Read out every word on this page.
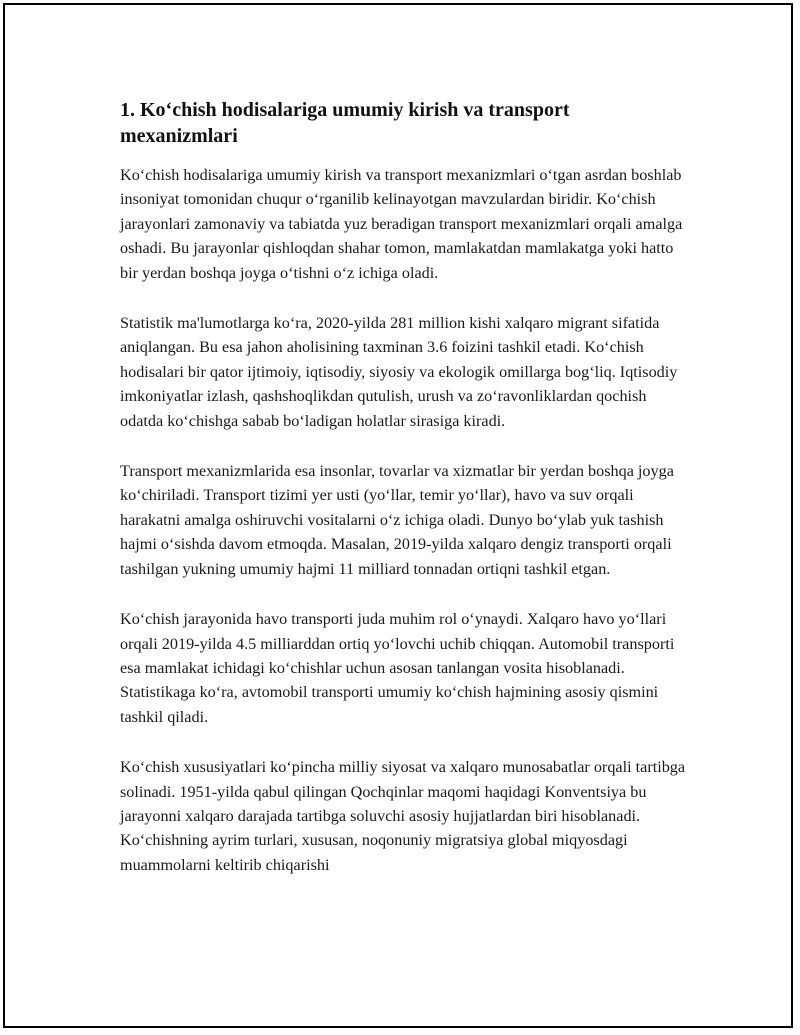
1. Ko‘chish hodisalariga umumiy kirish va transport mexanizmlari

Ko‘chish hodisalariga umumiy kirish va transport mexanizmlari o‘tgan asrdan boshlab insoniyat tomonidan chuqur o‘rganilib kelinayotgan mavzulardan biridir. Ko‘chish jarayonlari zamonaviy va tabiatda yuz beradigan transport mexanizmlari orqali amalga oshadi. Bu jarayonlar qishloqdan shahar tomon, mamlakatdan mamlakatga yoki hatto bir yerdan boshqa joyga o‘tishni o‘z ichiga oladi.

Statistik ma'lumotlarga ko‘ra, 2020-yilda 281 million kishi xalqaro migrant sifatida aniqlangan. Bu esa jahon aholisining taxminan 3.6 foizini tashkil etadi. Ko‘chish hodisalari bir qator ijtimoiy, iqtisodiy, siyosiy va ekologik omillarga bog‘liq. Iqtisodiy imkoniyatlar izlash, qashshoqlikdan qutulish, urush va zo‘ravonliklardan qochish odatda ko‘chishga sabab bo‘ladigan holatlar sirasiga kiradi.

Transport mexanizmlarida esa insonlar, tovarlar va xizmatlar bir yerdan boshqa joyga ko‘chiriladi. Transport tizimi yer usti (yo‘llar, temir yo‘llar), havo va suv orqali harakatni amalga oshiruvchi vositalarni o‘z ichiga oladi. Dunyo bo‘ylab yuk tashish hajmi o‘sishda davom etmoqda. Masalan, 2019-yilda xalqaro dengiz transporti orqali tashilgan yukning umumiy hajmi 11 milliard tonnadan ortiqni tashkil etgan.

Ko‘chish jarayonida havo transporti juda muhim rol o‘ynaydi. Xalqaro havo yo‘llari orqali 2019-yilda 4.5 milliarddan ortiq yo‘lovchi uchib chiqqan. Automobil transporti esa mamlakat ichidagi ko‘chishlar uchun asosan tanlangan vosita hisoblanadi. Statistikaga ko‘ra, avtomobil transporti umumiy ko‘chish hajmining asosiy qismini tashkil qiladi.

Ko‘chish xususiyatlari ko‘pincha milliy siyosat va xalqaro munosabatlar orqali tartibga solinadi. 1951-yilda qabul qilingan Qochqinlar maqomi haqidagi Konventsiya bu jarayonni xalqaro darajada tartibga soluvchi asosiy hujjatlardan biri hisoblanadi. Ko‘chishning ayrim turlari, xususan, noqonuniy migratsiya global miqyosdagi muammolarni keltirib chiqarishi
